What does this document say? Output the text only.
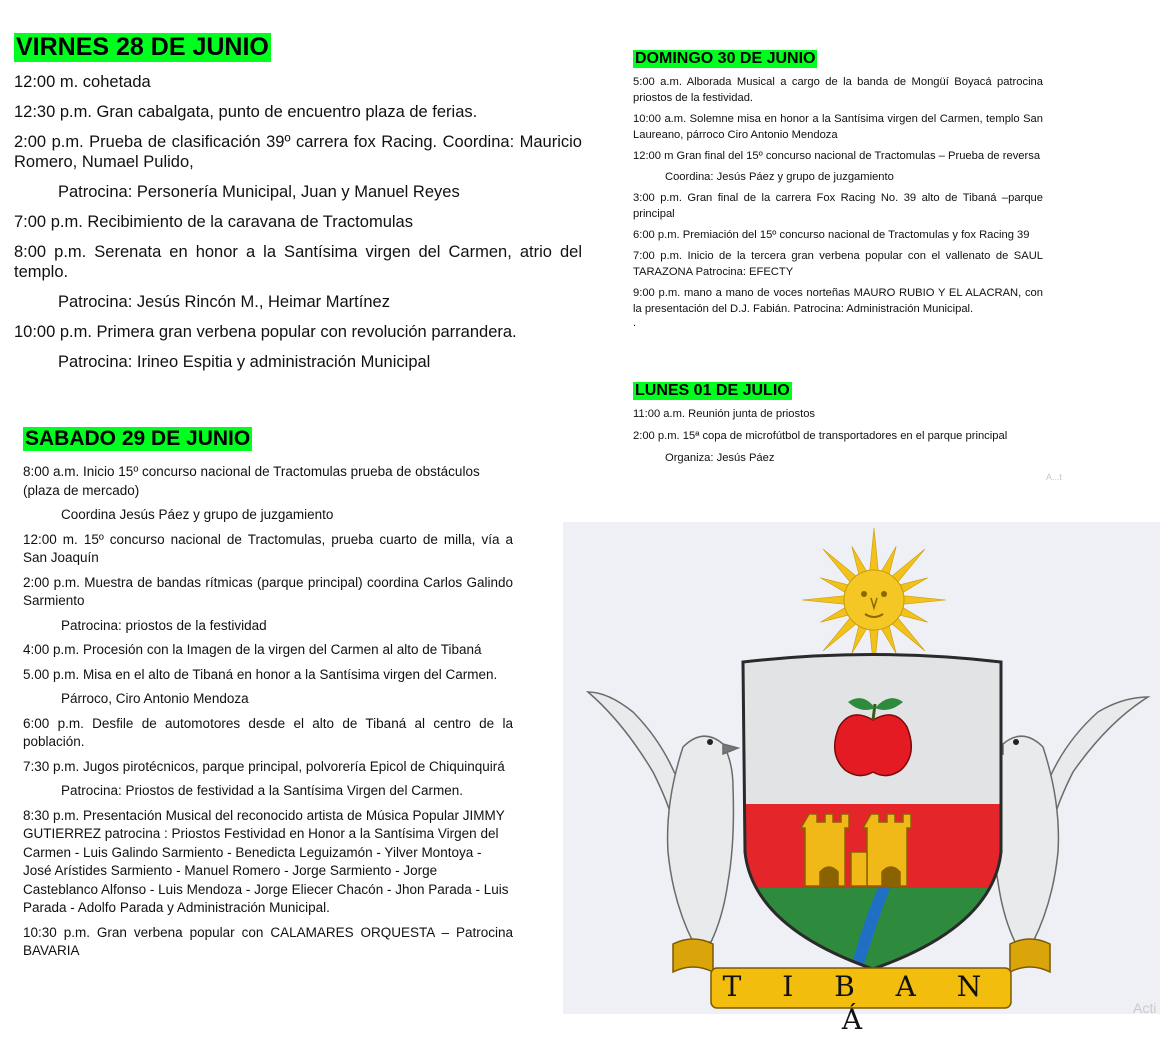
VIRNES 28 DE JUNIO

12:00 m. cohetada

12:30 p.m. Gran cabalgata, punto de encuentro plaza de ferias.

2:00 p.m. Prueba de clasificación 39º carrera fox Racing. Coordina: Mauricio Romero, Numael Pulido,

Patrocina: Personería Municipal, Juan y Manuel Reyes

7:00 p.m. Recibimiento de la caravana de Tractomulas

8:00 p.m. Serenata en honor a la Santísima virgen del Carmen, atrio del templo.

Patrocina: Jesús Rincón M., Heimar Martínez

10:00 p.m. Primera gran verbena popular con revolución parrandera.

Patrocina: Irineo Espitia y administración Municipal

SABADO 29 DE JUNIO

8:00 a.m. Inicio 15º concurso nacional de Tractomulas prueba de obstáculos (plaza de mercado)

Coordina Jesús Páez y grupo de juzgamiento

12:00 m. 15º concurso nacional de Tractomulas, prueba cuarto de milla, vía a San Joaquín

2:00 p.m. Muestra de bandas rítmicas (parque principal) coordina Carlos Galindo Sarmiento

Patrocina: priostos de la festividad

4:00 p.m. Procesión con la Imagen de la virgen del Carmen al alto de Tibaná

5.00 p.m. Misa en el alto de Tibaná en honor a la Santísima virgen del Carmen.

Párroco, Ciro Antonio Mendoza

6:00 p.m. Desfile de automotores desde el alto de Tibaná al centro de la población.

7:30 p.m. Jugos pirotécnicos, parque principal, polvorería Epicol de Chiquinquirá

Patrocina: Priostos de festividad a la Santísima Virgen del Carmen.

8:30 p.m. Presentación Musical del reconocido artista de Música Popular JIMMY GUTIERREZ patrocina : Priostos Festividad en Honor a la Santísima Virgen del Carmen - Luis Galindo Sarmiento - Benedicta Leguizamón - Yilver Montoya - José Arístides Sarmiento - Manuel Romero - Jorge Sarmiento - Jorge Casteblanco Alfonso - Luis Mendoza - Jorge Eliecer Chacón - Jhon Parada - Luis Parada - Adolfo Parada y Administración Municipal.

10:30 p.m. Gran verbena popular con CALAMARES ORQUESTA – Patrocina BAVARIA

DOMINGO 30 DE JUNIO

5:00 a.m. Alborada Musical a cargo de la banda de Mongüí Boyacá patrocina priostos de la festividad.

10:00 a.m. Solemne misa en honor a la Santísima virgen del Carmen, templo San Laureano, párroco Ciro Antonio Mendoza

12:00 m Gran final del 15º concurso nacional de Tractomulas – Prueba de reversa

Coordina: Jesús Páez y grupo de juzgamiento

3:00 p.m. Gran final de la carrera Fox Racing No. 39 alto de Tibaná –parque principal

6:00 p.m. Premiación del 15º concurso nacional de Tractomulas y fox Racing 39

7:00 p.m. Inicio de la tercera gran verbena popular con el vallenato de SAUL TARAZONA Patrocina: EFECTY

9:00 p.m. mano a mano de voces norteñas MAURO RUBIO Y EL ALACRAN, con la presentación del D.J. Fabián. Patrocina: Administración Municipal.

.

LUNES 01 DE JULIO

11:00 a.m. Reunión junta de priostos

2:00 p.m. 15ª copa de microfútbol de transportadores en el parque principal

Organiza: Jesús Páez

A...t
T I B A N Á	Acti
